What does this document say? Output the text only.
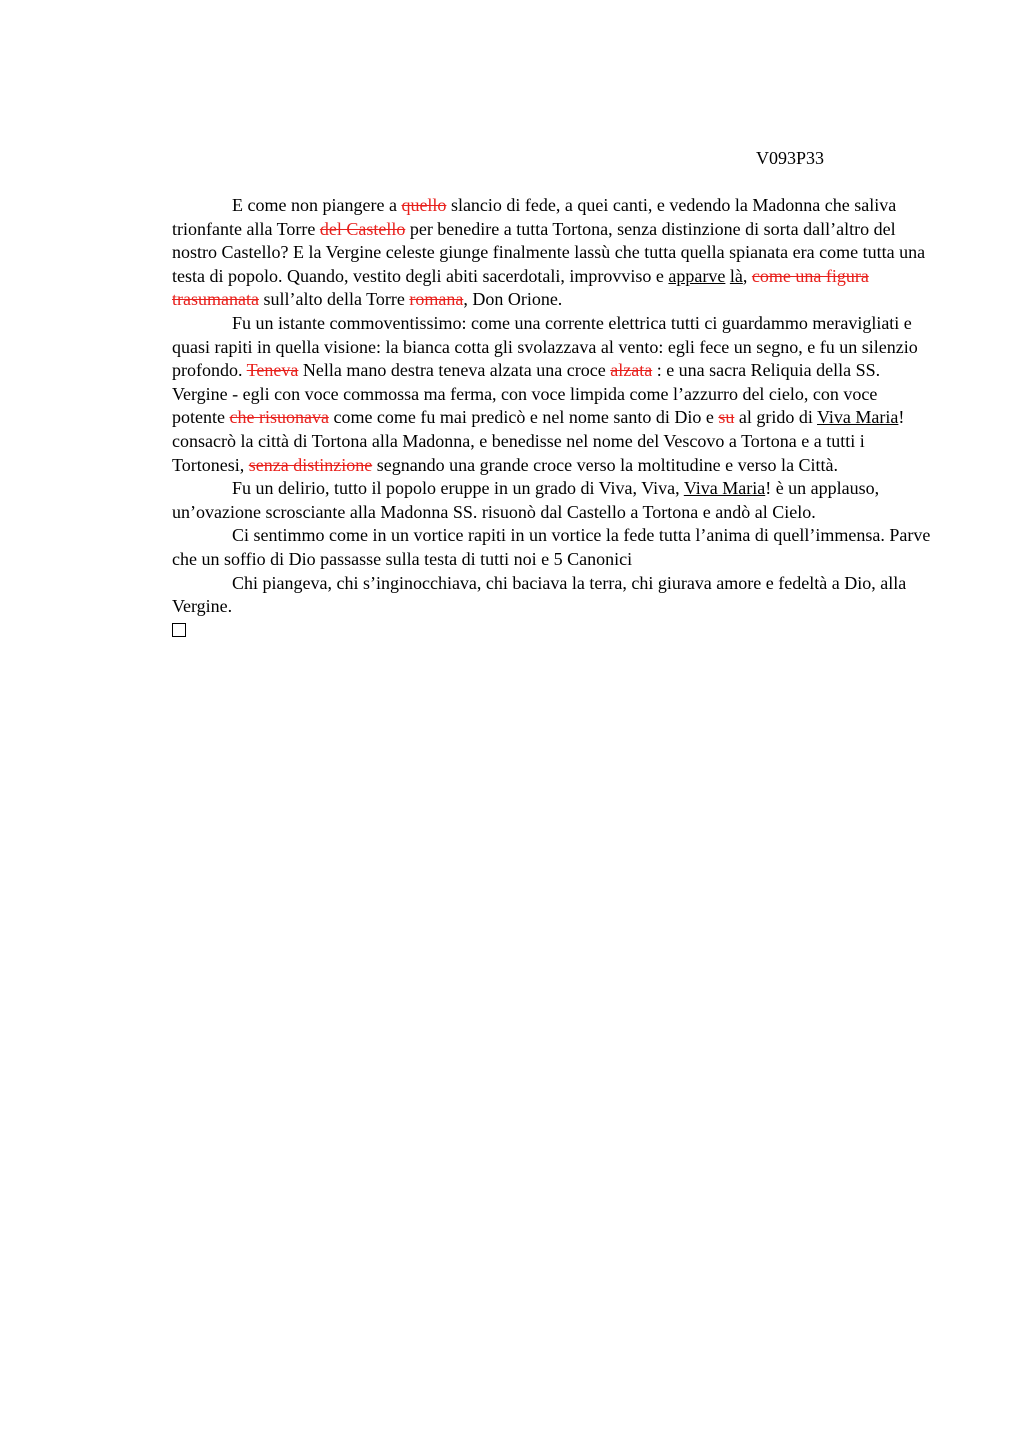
V093P33

E come non piangere a quello slancio di fede, a quei canti, e vedendo la Madonna che saliva trionfante alla Torre del Castello per benedire a tutta Tortona, senza distinzione di sorta dall’altro del nostro Castello? E la Vergine celeste giunge finalmente lassù che tutta quella spianata era come tutta una testa di popolo. Quando, vestito degli abiti sacerdotali, improvviso e apparve là, come una figura trasumanata sull’alto della Torre romana, Don Orione.

Fu un istante commoventissimo: come una corrente elettrica tutti ci guardammo meravigliati e quasi rapiti in quella visione: la bianca cotta gli svolazzava al vento: egli fece un segno, e fu un silenzio profondo. Teneva Nella mano destra teneva alzata una croce alzata : e una sacra Reliquia della SS. Vergine - egli con voce commossa ma ferma, con voce limpida come l’azzurro del cielo, con voce potente che risuonava come come fu mai predicò e nel nome santo di Dio e su al grido di Viva Maria! consacrò la città di Tortona alla Madonna, e benedisse nel nome del Vescovo a Tortona e a tutti i Tortonesi, senza distinzione segnando una grande croce verso la moltitudine e verso la Città.

Fu un delirio, tutto il popolo eruppe in un grado di Viva, Viva, Viva Maria! è un applauso, un’ovazione scrosciante alla Madonna SS. risuonò dal Castello a Tortona e andò al Cielo.

Ci sentimmo come in un vortice rapiti in un vortice la fede tutta l’anima di quell’immensa. Parve che un soffio di Dio passasse sulla testa di tutti noi e 5 Canonici

Chi piangeva, chi s’inginocchiava, chi baciava la terra, chi giurava amore e fedeltà a Dio, alla Vergine.
